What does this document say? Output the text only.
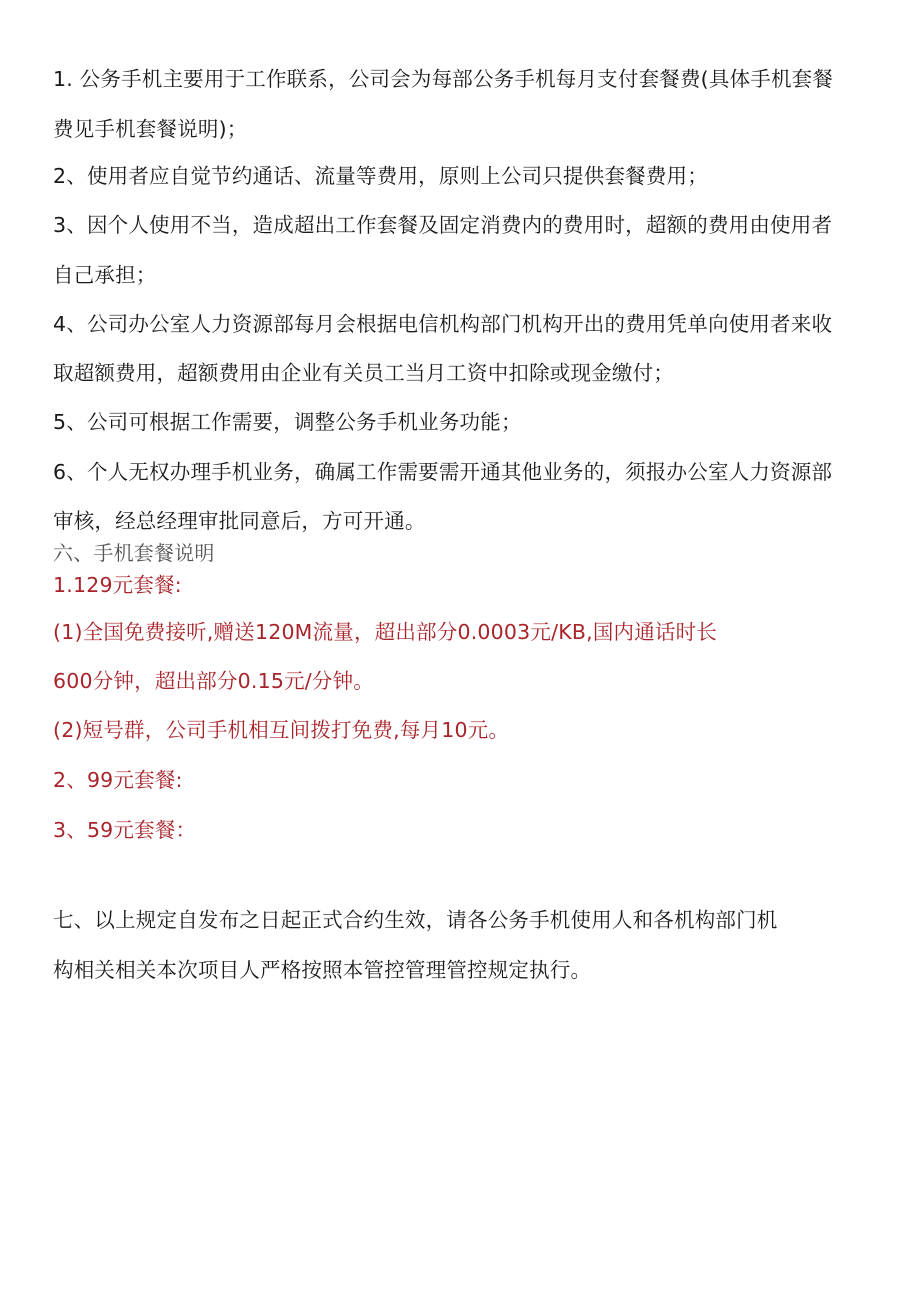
1. 公务手机主要用于工作联系，公司会为每部公务手机每月支付套餐费(具体手机套餐
费见手机套餐说明)；
2、使用者应自觉节约通话、流量等费用，原则上公司只提供套餐费用；
3、因个人使用不当，造成超出工作套餐及固定消费内的费用时，超额的费用由使用者
自己承担；
4、公司办公室人力资源部每月会根据电信机构部门机构开出的费用凭单向使用者来收
取超额费用，超额费用由企业有关员工当月工资中扣除或现金缴付；
5、公司可根据工作需要，调整公务手机业务功能；
6、个人无权办理手机业务，确属工作需要需开通其他业务的，须报办公室人力资源部
审核，经总经理审批同意后，方可开通。
六、手机套餐说明
1.129元套餐:
(1)全国免费接听,赠送120M流量，超出部分0.0003元/KB,国内通话时长
600分钟，超出部分0.15元/分钟。
(2)短号群，公司手机相互间拨打免费,每月10元。
2、99元套餐:
3、59元套餐：
七、以上规定自发布之日起正式合约生效，请各公务手机使用人和各机构部门机
构相关相关本次项目人严格按照本管控管理管控规定执行。
